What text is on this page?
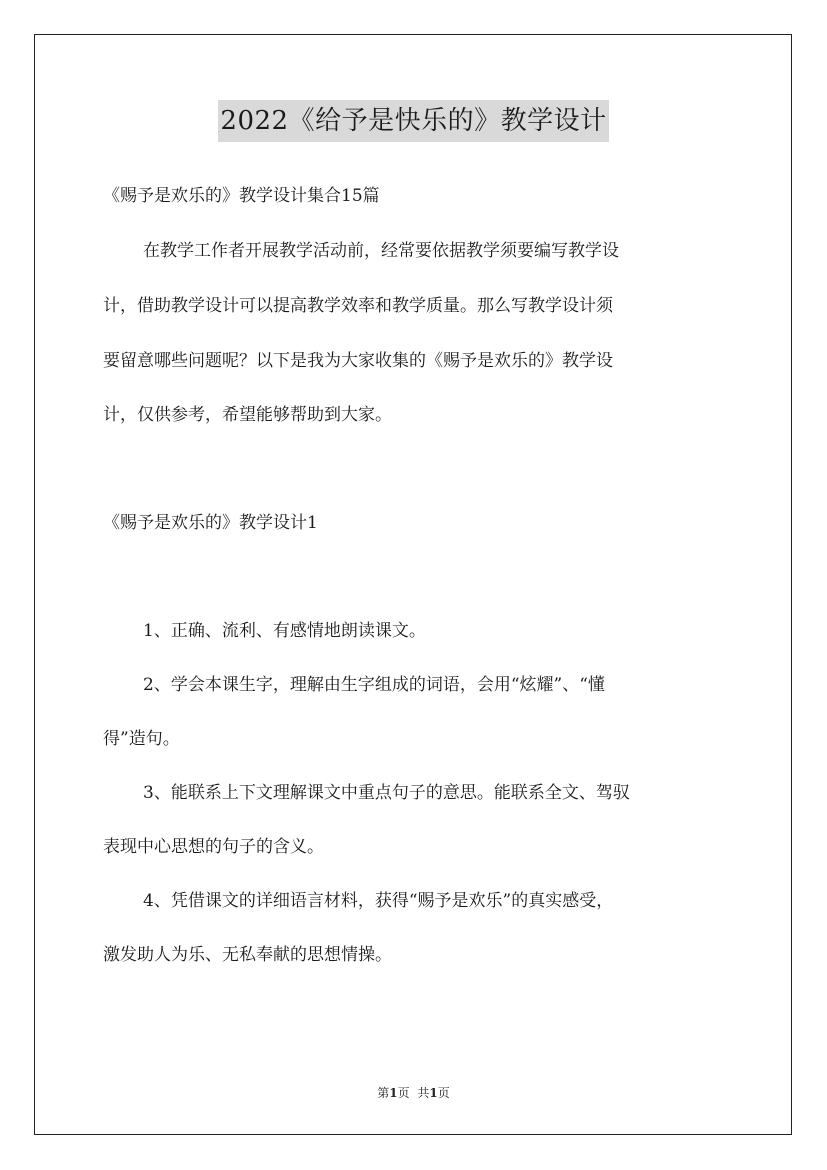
2022《给予是快乐的》教学设计
《赐予是欢乐的》教学设计集合15篇
在教学工作者开展教学活动前，经常要依据教学须要编写教学设
计，借助教学设计可以提高教学效率和教学质量。那么写教学设计须
要留意哪些问题呢？以下是我为大家收集的《赐予是欢乐的》教学设
计，仅供参考，希望能够帮助到大家。
《赐予是欢乐的》教学设计1
1、正确、流利、有感情地朗读课文。
2、学会本课生字，理解由生字组成的词语，会用“炫耀”、“懂
得”造句。
3、能联系上下文理解课文中重点句子的意思。能联系全文、驾驭
表现中心思想的句子的含义。
4、凭借课文的详细语言材料，获得“赐予是欢乐”的真实感受，
激发助人为乐、无私奉献的思想情操。
第1页 共1页
